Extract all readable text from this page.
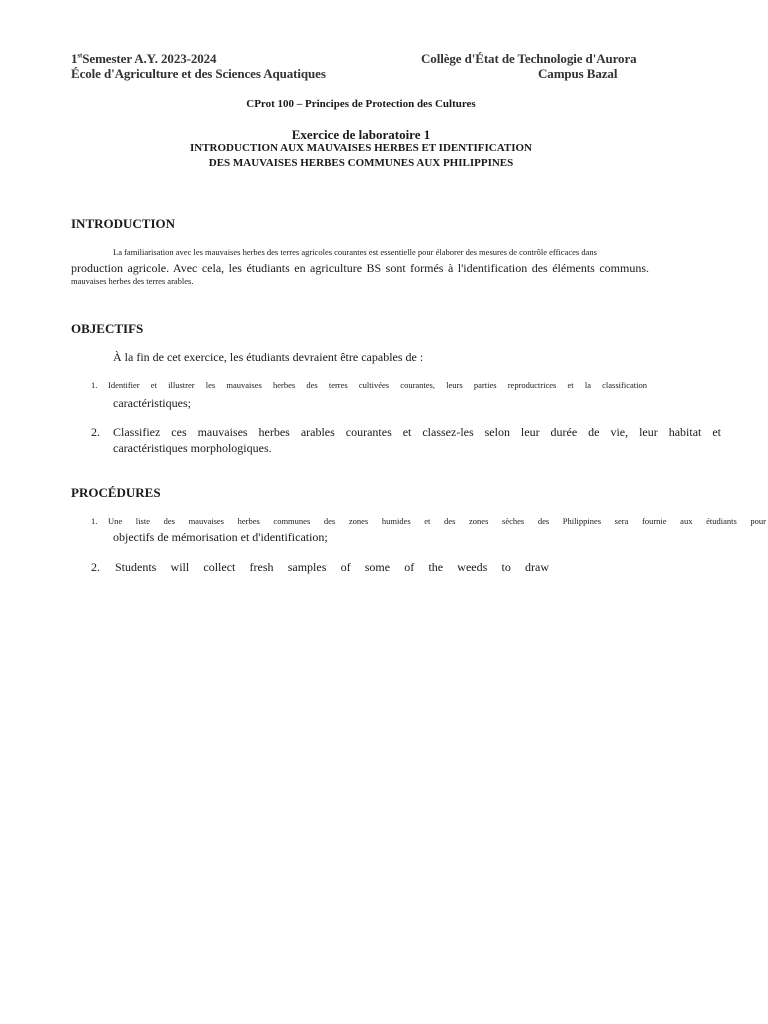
1stSemester A.Y. 2023-2024
École d'Agriculture et des Sciences Aquatiques
Collège d'État de Technologie d'Aurora
Campus Bazal
CProt 100 – Principes de Protection des Cultures
Exercice de laboratoire 1
INTRODUCTION AUX MAUVAISES HERBES ET IDENTIFICATION
DES MAUVAISES HERBES COMMUNES AUX PHILIPPINES
INTRODUCTION
La familiarisation avec les mauvaises herbes des terres agricoles courantes est essentielle pour élaborer des mesures de contrôle efficaces dans
production agricole. Avec cela, les étudiants en agriculture BS sont formés à l'identification des éléments communs.
mauvaises herbes des terres arables.
OBJECTIFS
À la fin de cet exercice, les étudiants devraient être capables de :
1. Identifier et illustrer les mauvaises herbes des terres cultivées courantes, leurs parties reproductrices et la classification
caractéristiques;
2. Classifiez ces mauvaises herbes arables courantes et classez-les selon leur durée de vie, leur habitat et
caractéristiques morphologiques.
PROCÉDURES
1. Une liste des mauvaises herbes communes des zones humides et des zones sèches des Philippines sera fournie aux étudiants pour
objectifs de mémorisation et d'identification;
2. Students will collect fresh samples of some of the weeds to draw
